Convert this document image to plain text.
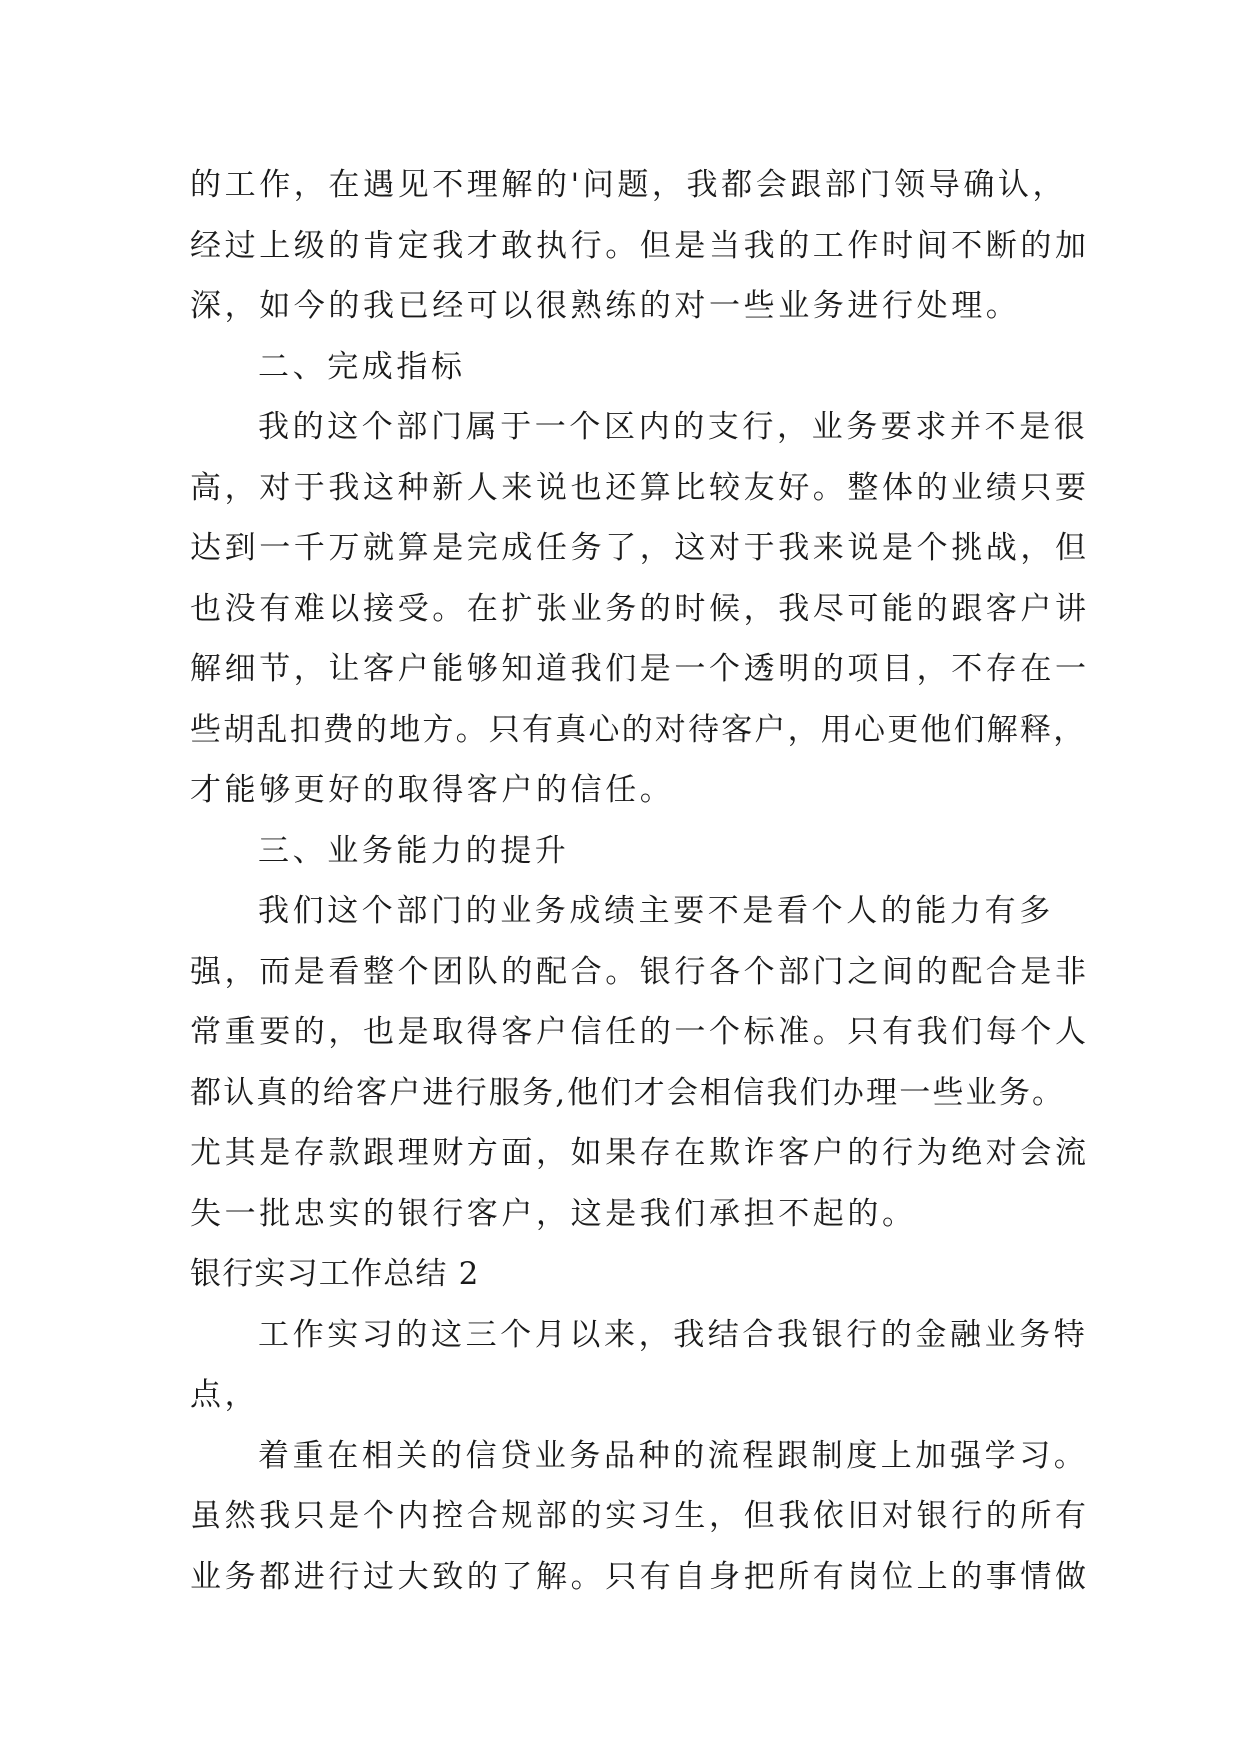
的工作，在遇见不理解的'问题，我都会跟部门领导确认，
经过上级的肯定我才敢执行。但是当我的工作时间不断的加
深，如今的我已经可以很熟练的对一些业务进行处理。
二、完成指标
我的这个部门属于一个区内的支行，业务要求并不是很
高，对于我这种新人来说也还算比较友好。整体的业绩只要
达到一千万就算是完成任务了，这对于我来说是个挑战，但
也没有难以接受。在扩张业务的时候，我尽可能的跟客户讲
解细节，让客户能够知道我们是一个透明的项目，不存在一
些胡乱扣费的地方。只有真心的对待客户，用心更他们解释，
才能够更好的取得客户的信任。
三、业务能力的提升
我们这个部门的业务成绩主要不是看个人的能力有多
强，而是看整个团队的配合。银行各个部门之间的配合是非
常重要的，也是取得客户信任的一个标准。只有我们每个人
都认真的给客户进行服务,他们才会相信我们办理一些业务。
尤其是存款跟理财方面，如果存在欺诈客户的行为绝对会流
失一批忠实的银行客户，这是我们承担不起的。
银行实习工作总结 2
工作实习的这三个月以来，我结合我银行的金融业务特
点，
着重在相关的信贷业务品种的流程跟制度上加强学习。
虽然我只是个内控合规部的实习生，但我依旧对银行的所有
业务都进行过大致的了解。只有自身把所有岗位上的事情做
